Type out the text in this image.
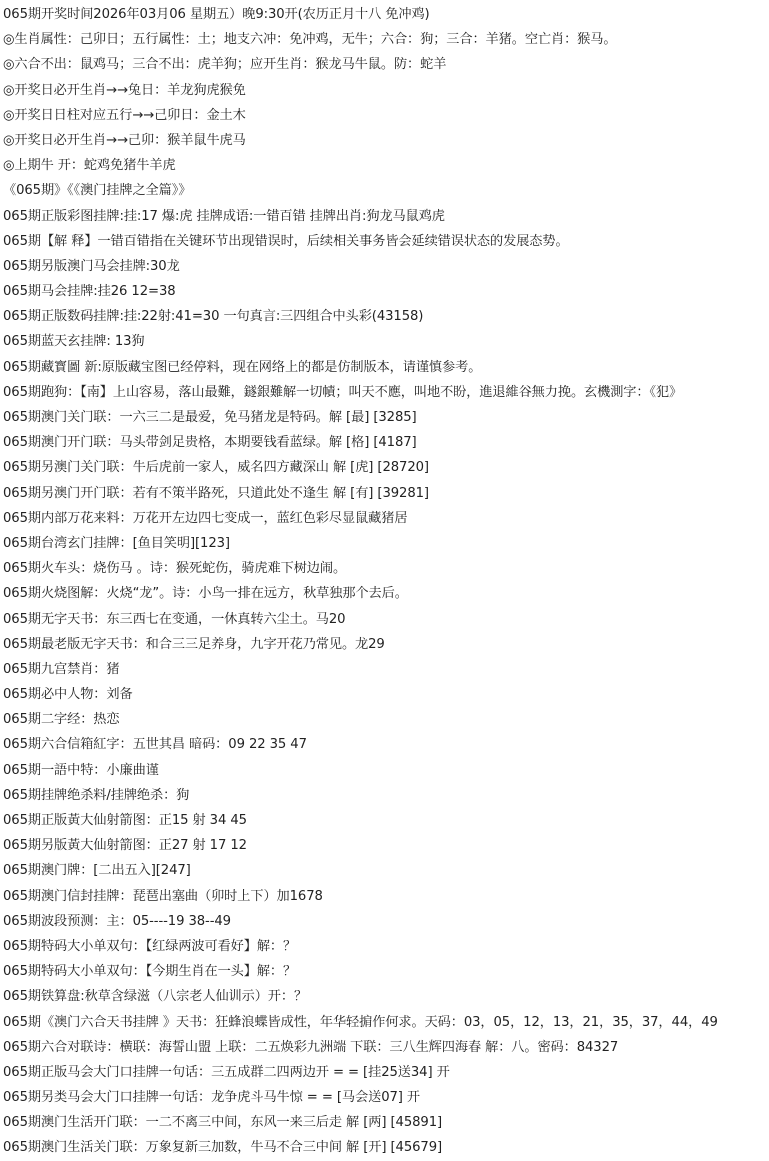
065期开奖时间2026年03月06 星期五）晚9:30开(农历正月十八 免冲鸡)
◎生肖属性：己卯日；五行属性：土；地支六冲：免冲鸡，无牛；六合：狗；三合：羊猪。空亡肖：猴马。
◎六合不出：鼠鸡马；三合不出：虎羊狗；应开生肖：猴龙马牛鼠。防：蛇羊
◎开奖日必开生肖→→兔日：羊龙狗虎猴免
◎开奖日日柱对应五行→→己卯日：金土木
◎开奖日必开生肖→→己卯：猴羊鼠牛虎马
◎上期牛 开：蛇鸡免猪牛羊虎
《065期》《《澳门挂牌之全篇》》
065期正版彩图挂牌:挂:17 爆:虎 挂牌成语:一错百错 挂牌出肖:狗龙马鼠鸡虎
065期【解 释】一错百错指在关键环节出现错误时，后续相关事务皆会延续错误状态的发展态势。
065期另版澳门马会挂牌:30龙
065期马会挂牌:挂26 12=38
065期正版数码挂牌:挂:22射:41=30 一句真言:三四组合中头彩(43158)
065期蓝天玄挂牌: 13狗
065期藏寳圖 新:原版藏宝图已经停料，现在网络上的都是仿制版本，请谨慎参考。
065期跑狗：【南】上山容易，落山最難，鐩銀難解一切幘；叫天不應，叫地不盼，進退維谷無力挽。玄機測字：《犯》
065期澳门关门联：一六三二是最爱，免马猪龙是特码。解 [最] [3285]
065期澳门开门联：马头带剑足贵格，本期要钱看蓝绿。解 [格] [4187]
065期另澳门关门联：牛后虎前一家人，威名四方藏深山 解 [虎] [28720]
065期另澳门开门联：若有不策半路死，只道此处不逢生 解 [有] [39281]
065期内部万花来料：万花开左边四七变成一，蓝红色彩尽显鼠藏猪居
065期台湾玄门挂牌：[鱼目笑明][123]
065期火车头：烧伤马 。诗：猴死蛇伤，骑虎难下树边闹。
065期火烧图解：火烧“龙”。诗：小鸟一排在远方，秋草独那个去后。
065期无字天书：东三西七在变通，一休真转六尘土。马20
065期最老版无字天书：和合三三足养身，九字开花乃常见。龙29
065期九宫禁肖：猪
065期必中人物：刘备
065期二字经：热恋
065期六合信箱紅字：五世其昌 暗码：09 22 35 47
065期一語中特：小廉曲谨
065期挂牌绝杀料/挂牌绝杀：狗
065期正版黃大仙射箭图：正15 射 34 45
065期另版黃大仙射箭图：正27 射 17 12
065期澳门牌：[二出五入][247]
065期澳门信封挂牌：琵琶出塞曲（卯时上下）加1678
065期波段预测：主：05----19 38--49
065期特码大小单双句：【红绿两波可看好】解：？
065期特码大小单双句：【今期生肖在一头】解：？
065期铁算盘:秋草含绿滋（八宗老人仙训示）开：？
065期《澳门六合天书挂牌 》天书：狂蜂浪蝶皆成性，年华轻掮作何求。天码：03，05，12，13，21，35，37，44，49
065期六合对联诗：横联：海誓山盟 上联：二五焕彩九洲端 下联：三八生辉四海春 解：八。密码：84327
065期正版马会大门口挂牌一句话：三五成群二四两边开 = = [挂25送34] 开
065期另类马会大门口挂牌一句话：龙争虎斗马牛惊 = = [马会送07] 开
065期澳门生活开门联：一二不离三中间，东风一来三后走 解 [两] [45891]
065期澳门生活关门联：万象复新三加数，牛马不合三中间 解 [开] [45679]
